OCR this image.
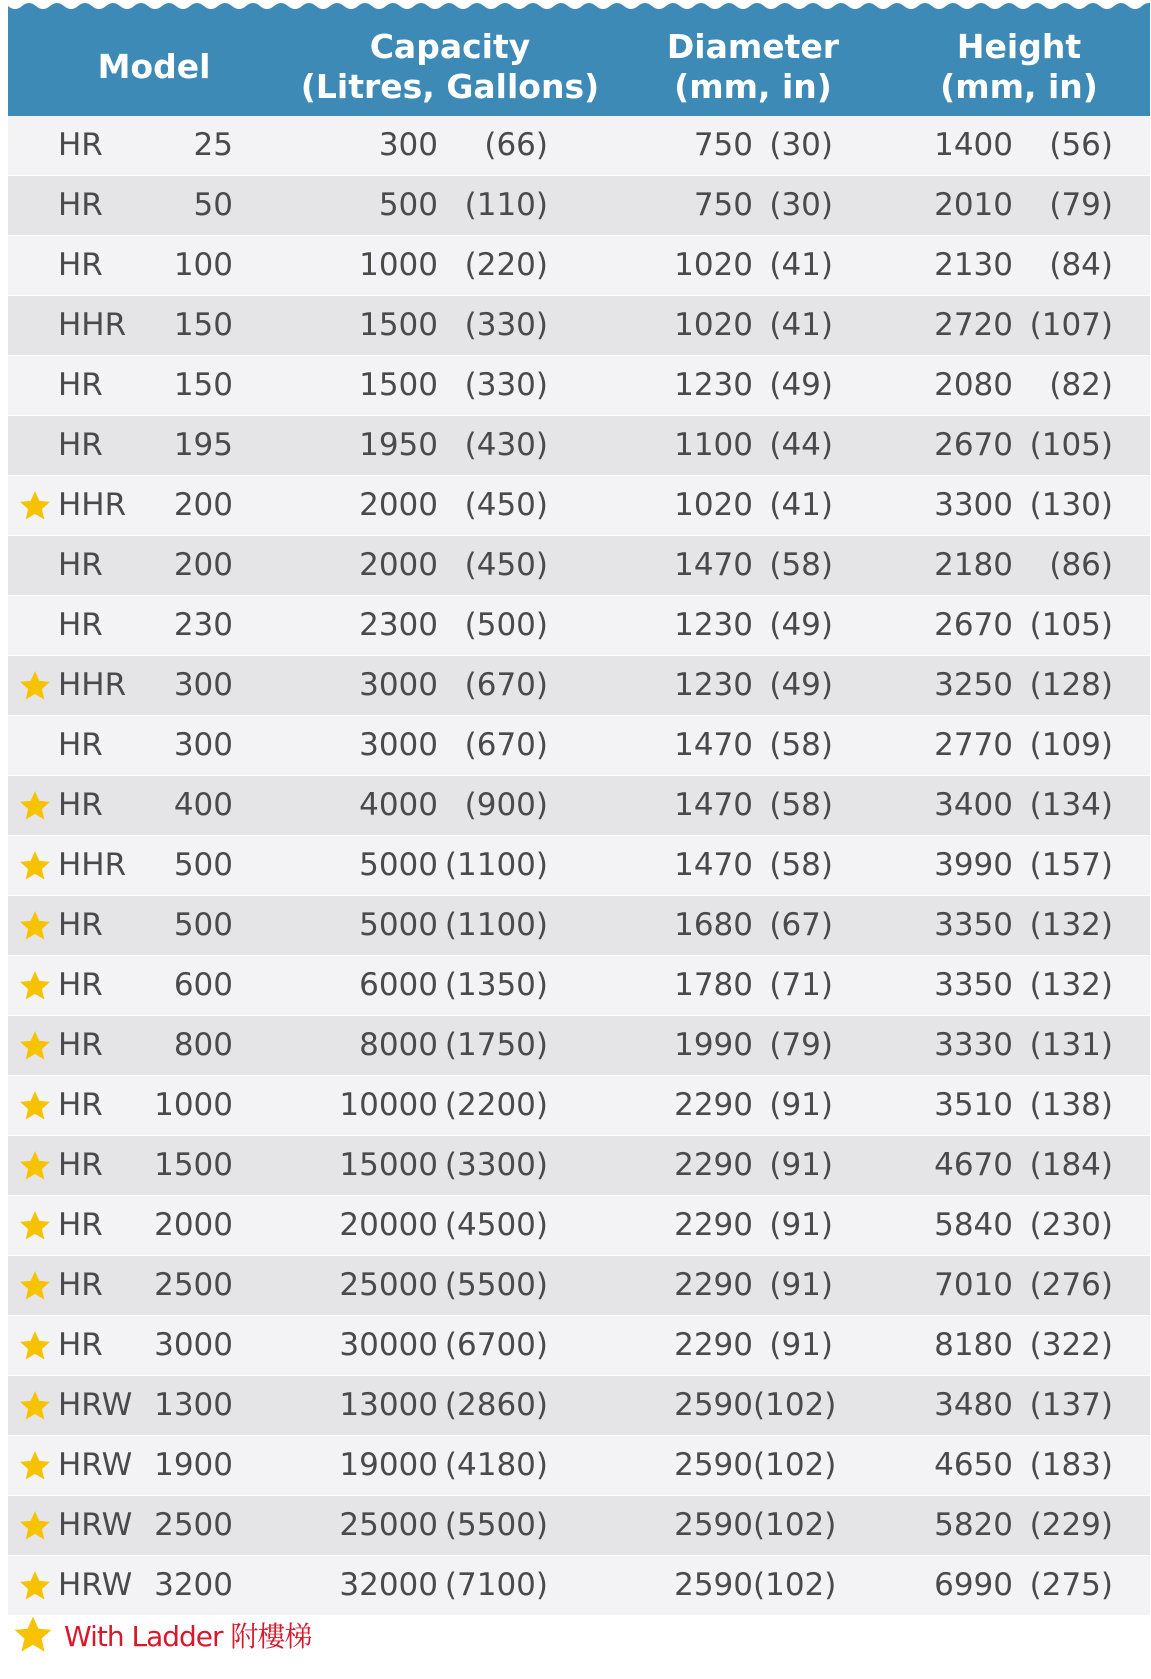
Model
Capacity
(Litres, Gallons)
Diameter
(mm, in)
Height
(mm, in)
HR	25	300	(66)	750 (30)	1400	(56)
HR	50	500 (110)	750 (30)	2010	(79)
HR	100	1000 (220)	1020 (41)	2130	(84)
HHR	150	1500 (330)	1020 (41)	2720 (107)
HR	150	1500 (330)	1230 (49)	2080	(82)
HR	195	1950 (430)	1100 (44)	2670 (105)
HHR	200	2000 (450)	1020 (41)	3300 (130)
HR	200	2000 (450)	1470 (58)	2180	(86)
HR	230	2300 (500)	1230 (49)	2670 (105)
HHR	300	3000 (670)	1230 (49)	3250 (128)
HR	300	3000 (670)	1470 (58)	2770 (109)
HR	400	4000 (900)	1470 (58)	3400 (134)
HHR	500	5000 (1100)	1470 (58)	3990 (157)
HR	500	5000 (1100)	1680 (67)	3350 (132)
HR	600	6000 (1350)	1780 (71)	3350 (132)
HR	800	8000 (1750)	1990 (79)	3330 (131)
HR	1000	10000 (2200)	2290 (91)	3510 (138)
HR	1500	15000 (3300)	2290 (91)	4670 (184)
HR	2000	20000 (4500)	2290 (91)	5840 (230)
HR	2500	25000 (5500)	2290 (91)	7010 (276)
HR	3000	30000 (6700)	2290 (91)	8180 (322)
HRW 1300	13000 (2860)	2590 (102)	3480 (137)
HRW 1900	19000 (4180)	2590 (102)	4650 (183)
HRW 2500	25000 (5500)	2590 (102)	5820 (229)
HRW 3200	32000 (7100)	2590 (102)	6990 (275)
With Ladder 附樓梯
